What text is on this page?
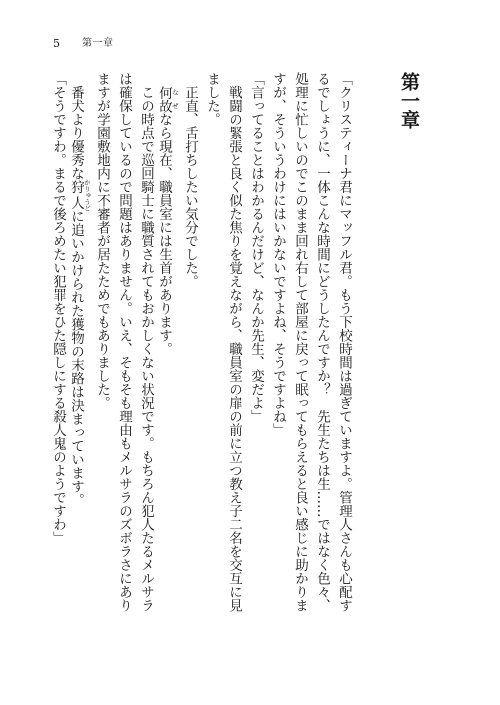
5 第一章
第一章
「クリスティーナ君にマッフル君。もう下校時間は過ぎていますよ。管理人さんも心配す
るでしょうに、一体こんな時間にどうしたんですか？　先生たちは生……ではなく色々、
処理に忙しいのでこのまま回れ右して部屋に戻って眠ってもらえると良い感じに助かりま
すが、そういうわけにはいかないですよね、そうですよね」
「言ってることはわかるんだけど、なんか先生、変だよ」
　戦闘の緊張と良く似た焦りを覚えながら、職員室の扉の前に立つ教え子二名を交互に見
ました。
　正直、舌打ちしたい気分でした。
　何故 なぜなら現在、職員室には生首があります。
　この時点で巡回騎士に職質されてもおかしくない状況です。もちろん犯人たるメルサラ
は確保しているので問題はありません。いえ、そもそも理由もメルサラのズボラさにあり
ますが学園敷地内に不審者が居たためでもありました。
　番犬より優秀な狩人 かりゅうどに追いかけられた獲物の末路は決まっています。
「そうですわ。まるで後ろめたい犯罪をひた隠しにする殺人鬼のようですわ」
